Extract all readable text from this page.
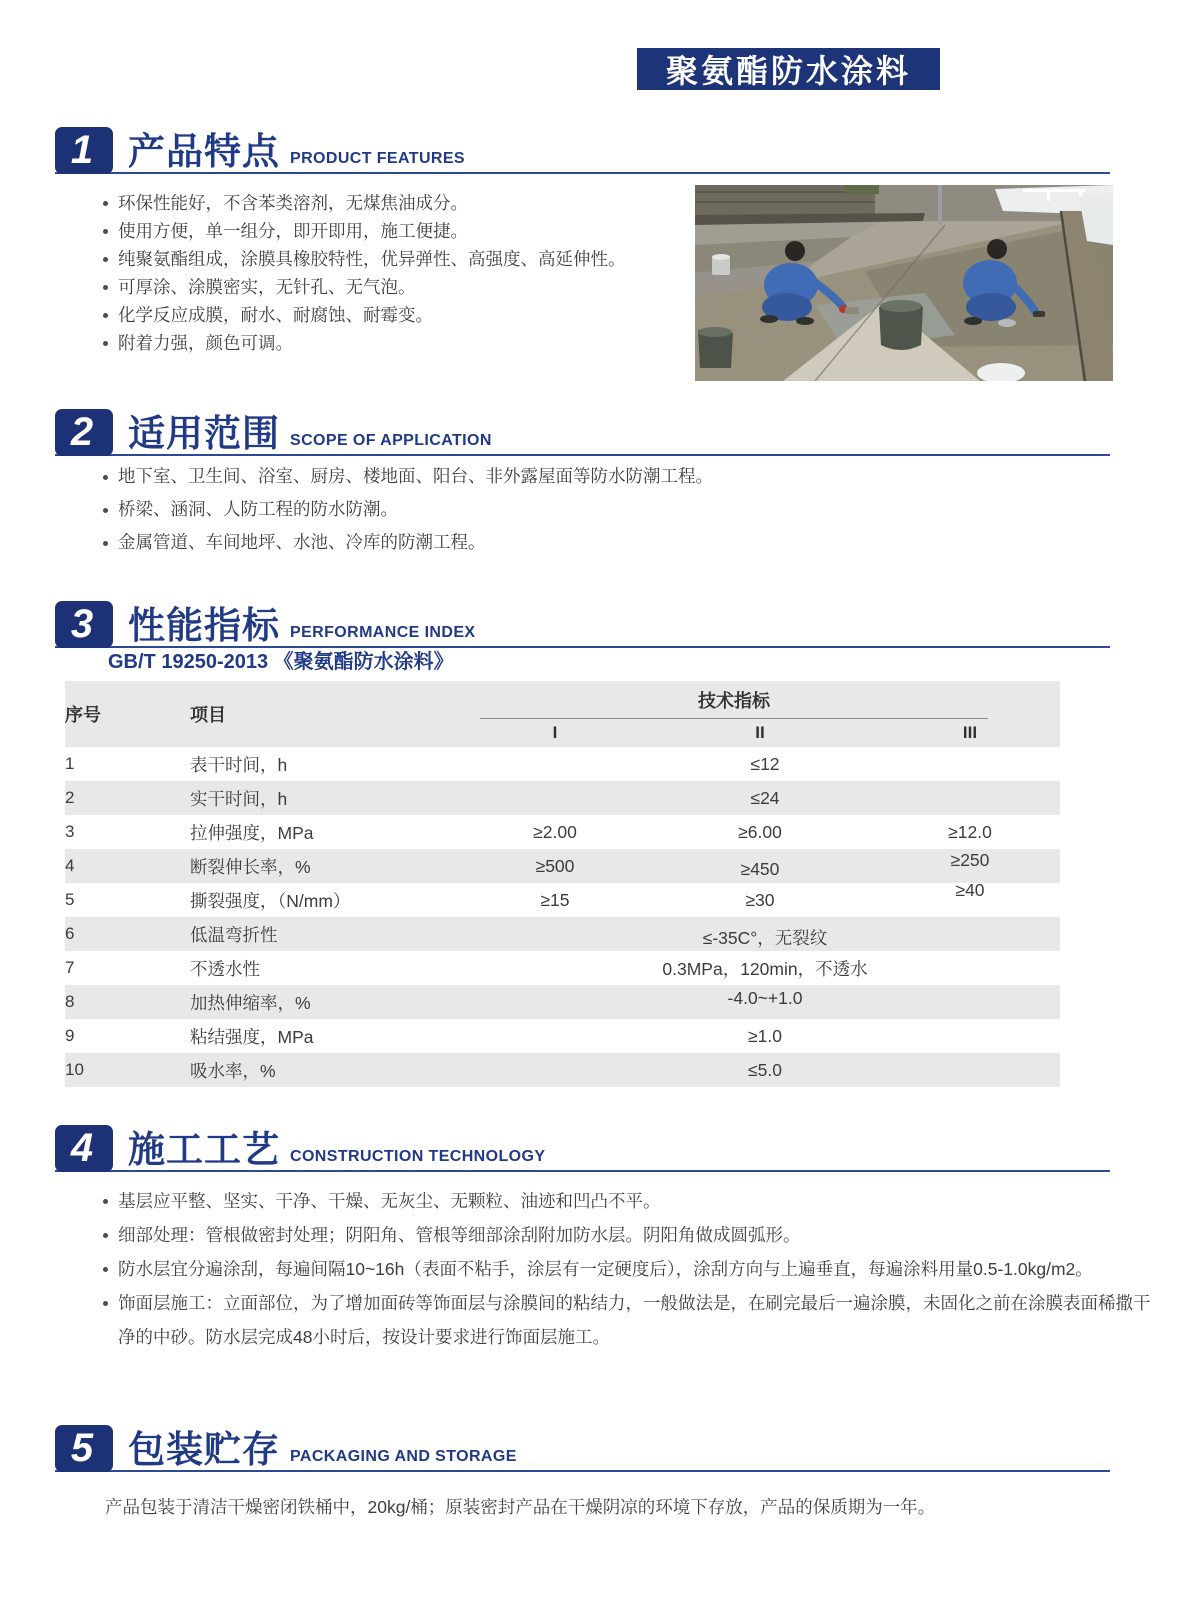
聚氨酯防水涂料
1 产品特点 PRODUCT FEATURES
环保性能好，不含苯类溶剂，无煤焦油成分。
使用方便，单一组分，即开即用，施工便捷。
纯聚氨酯组成，涂膜具橡胶特性，优异弹性、高强度、高延伸性。
可厚涂、涂膜密实，无针孔、无气泡。
化学反应成膜，耐水、耐腐蚀、耐霉变。
附着力强，颜色可调。
2 适用范围 SCOPE OF APPLICATION
地下室、卫生间、浴室、厨房、楼地面、阳台、非外露屋面等防水防潮工程。
桥梁、涵洞、人防工程的防水防潮。
金属管道、车间地坪、水池、冷库的防潮工程。
3 性能指标 PERFORMANCE INDEX
GB/T 19250-2013 《聚氨酯防水涂料》
序号	项目	技术指标		

		I	II	III
1	表干时间，h	≤12		
2	实干时间，h	≤24		
3	拉伸强度，MPa	≥2.00	≥6.00	≥12.0
4	断裂伸长率，%	≥500	≥450	≥250
5	撕裂强度，（N/mm）	≥15	≥30	≥40
6	低温弯折性	≤-35C°，无裂纹		
7	不透水性	0.3MPa，120min，不透水		
8	加热伸缩率，%	-4.0~+1.0		
9	粘结强度，MPa	≥1.0		
10	吸水率，%	≤5.0		
4 施工工艺 CONSTRUCTION TECHNOLOGY
基层应平整、坚实、干净、干燥、无灰尘、无颗粒、油迹和凹凸不平。
细部处理：管根做密封处理；阴阳角、管根等细部涂刮附加防水层。阴阳角做成圆弧形。
防水层宜分遍涂刮，每遍间隔10~16h（表面不粘手，涂层有一定硬度后），涂刮方向与上遍垂直，每遍涂料用量0.5-1.0kg/m2。
饰面层施工：立面部位，为了增加面砖等饰面层与涂膜间的粘结力，一般做法是，在刷完最后一遍涂膜，未固化之前在涂膜表面稀撒干净的中砂。防水层完成48小时后，按设计要求进行饰面层施工。
5 包装贮存 PACKAGING AND STORAGE
产品包装于清洁干燥密闭铁桶中，20kg/桶；原装密封产品在干燥阴凉的环境下存放，产品的保质期为一年。
